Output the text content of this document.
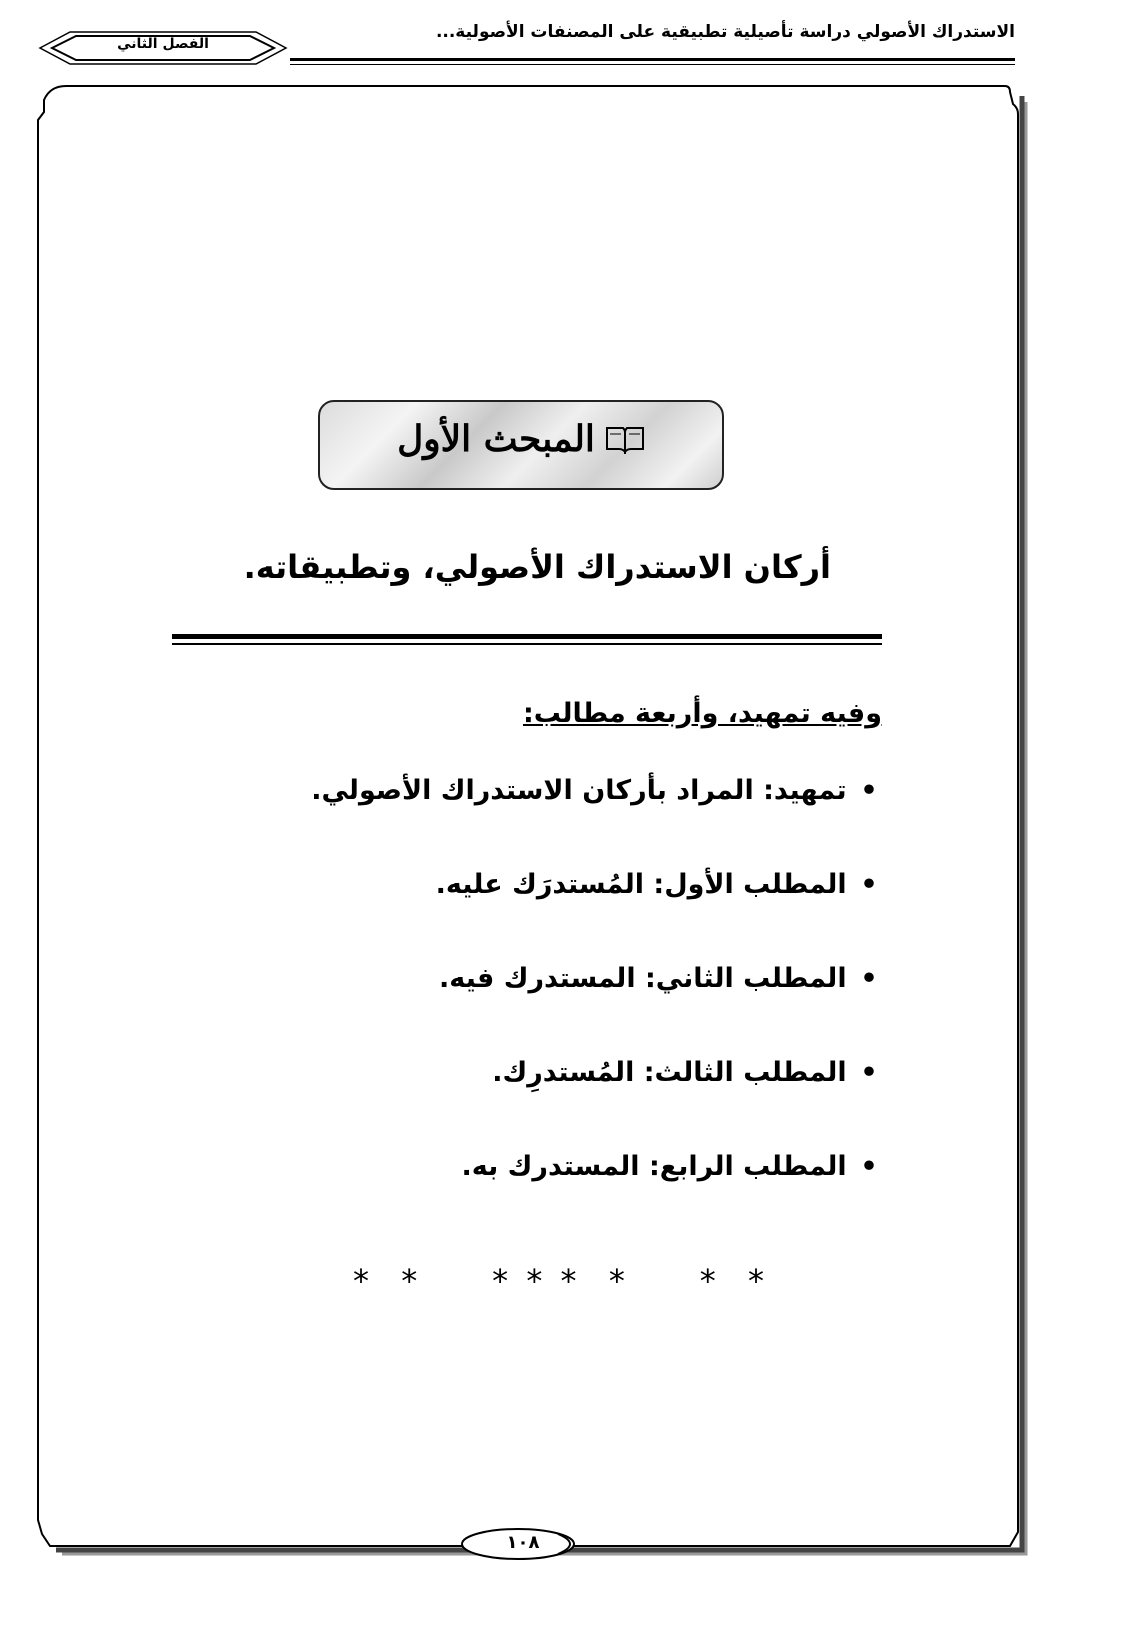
الاستدراك الأصولي دراسة تأصيلية تطبيقية على المصنفات الأصولية...
الفصل الثاني
المبحث الأول
أركان الاستدراك الأصولي، وتطبيقاته.
وفيه تمهيد، وأربعة مطالب:
• تمهيد: المراد بأركان الاستدراك الأصولي.
• المطلب الأول: المُستدرَك عليه.
• المطلب الثاني: المستدرك فيه.
• المطلب الثالث: المُستدرِك.
• المطلب الرابع: المستدرك به.
*  *     * * *  *     *  *
١٠٨
